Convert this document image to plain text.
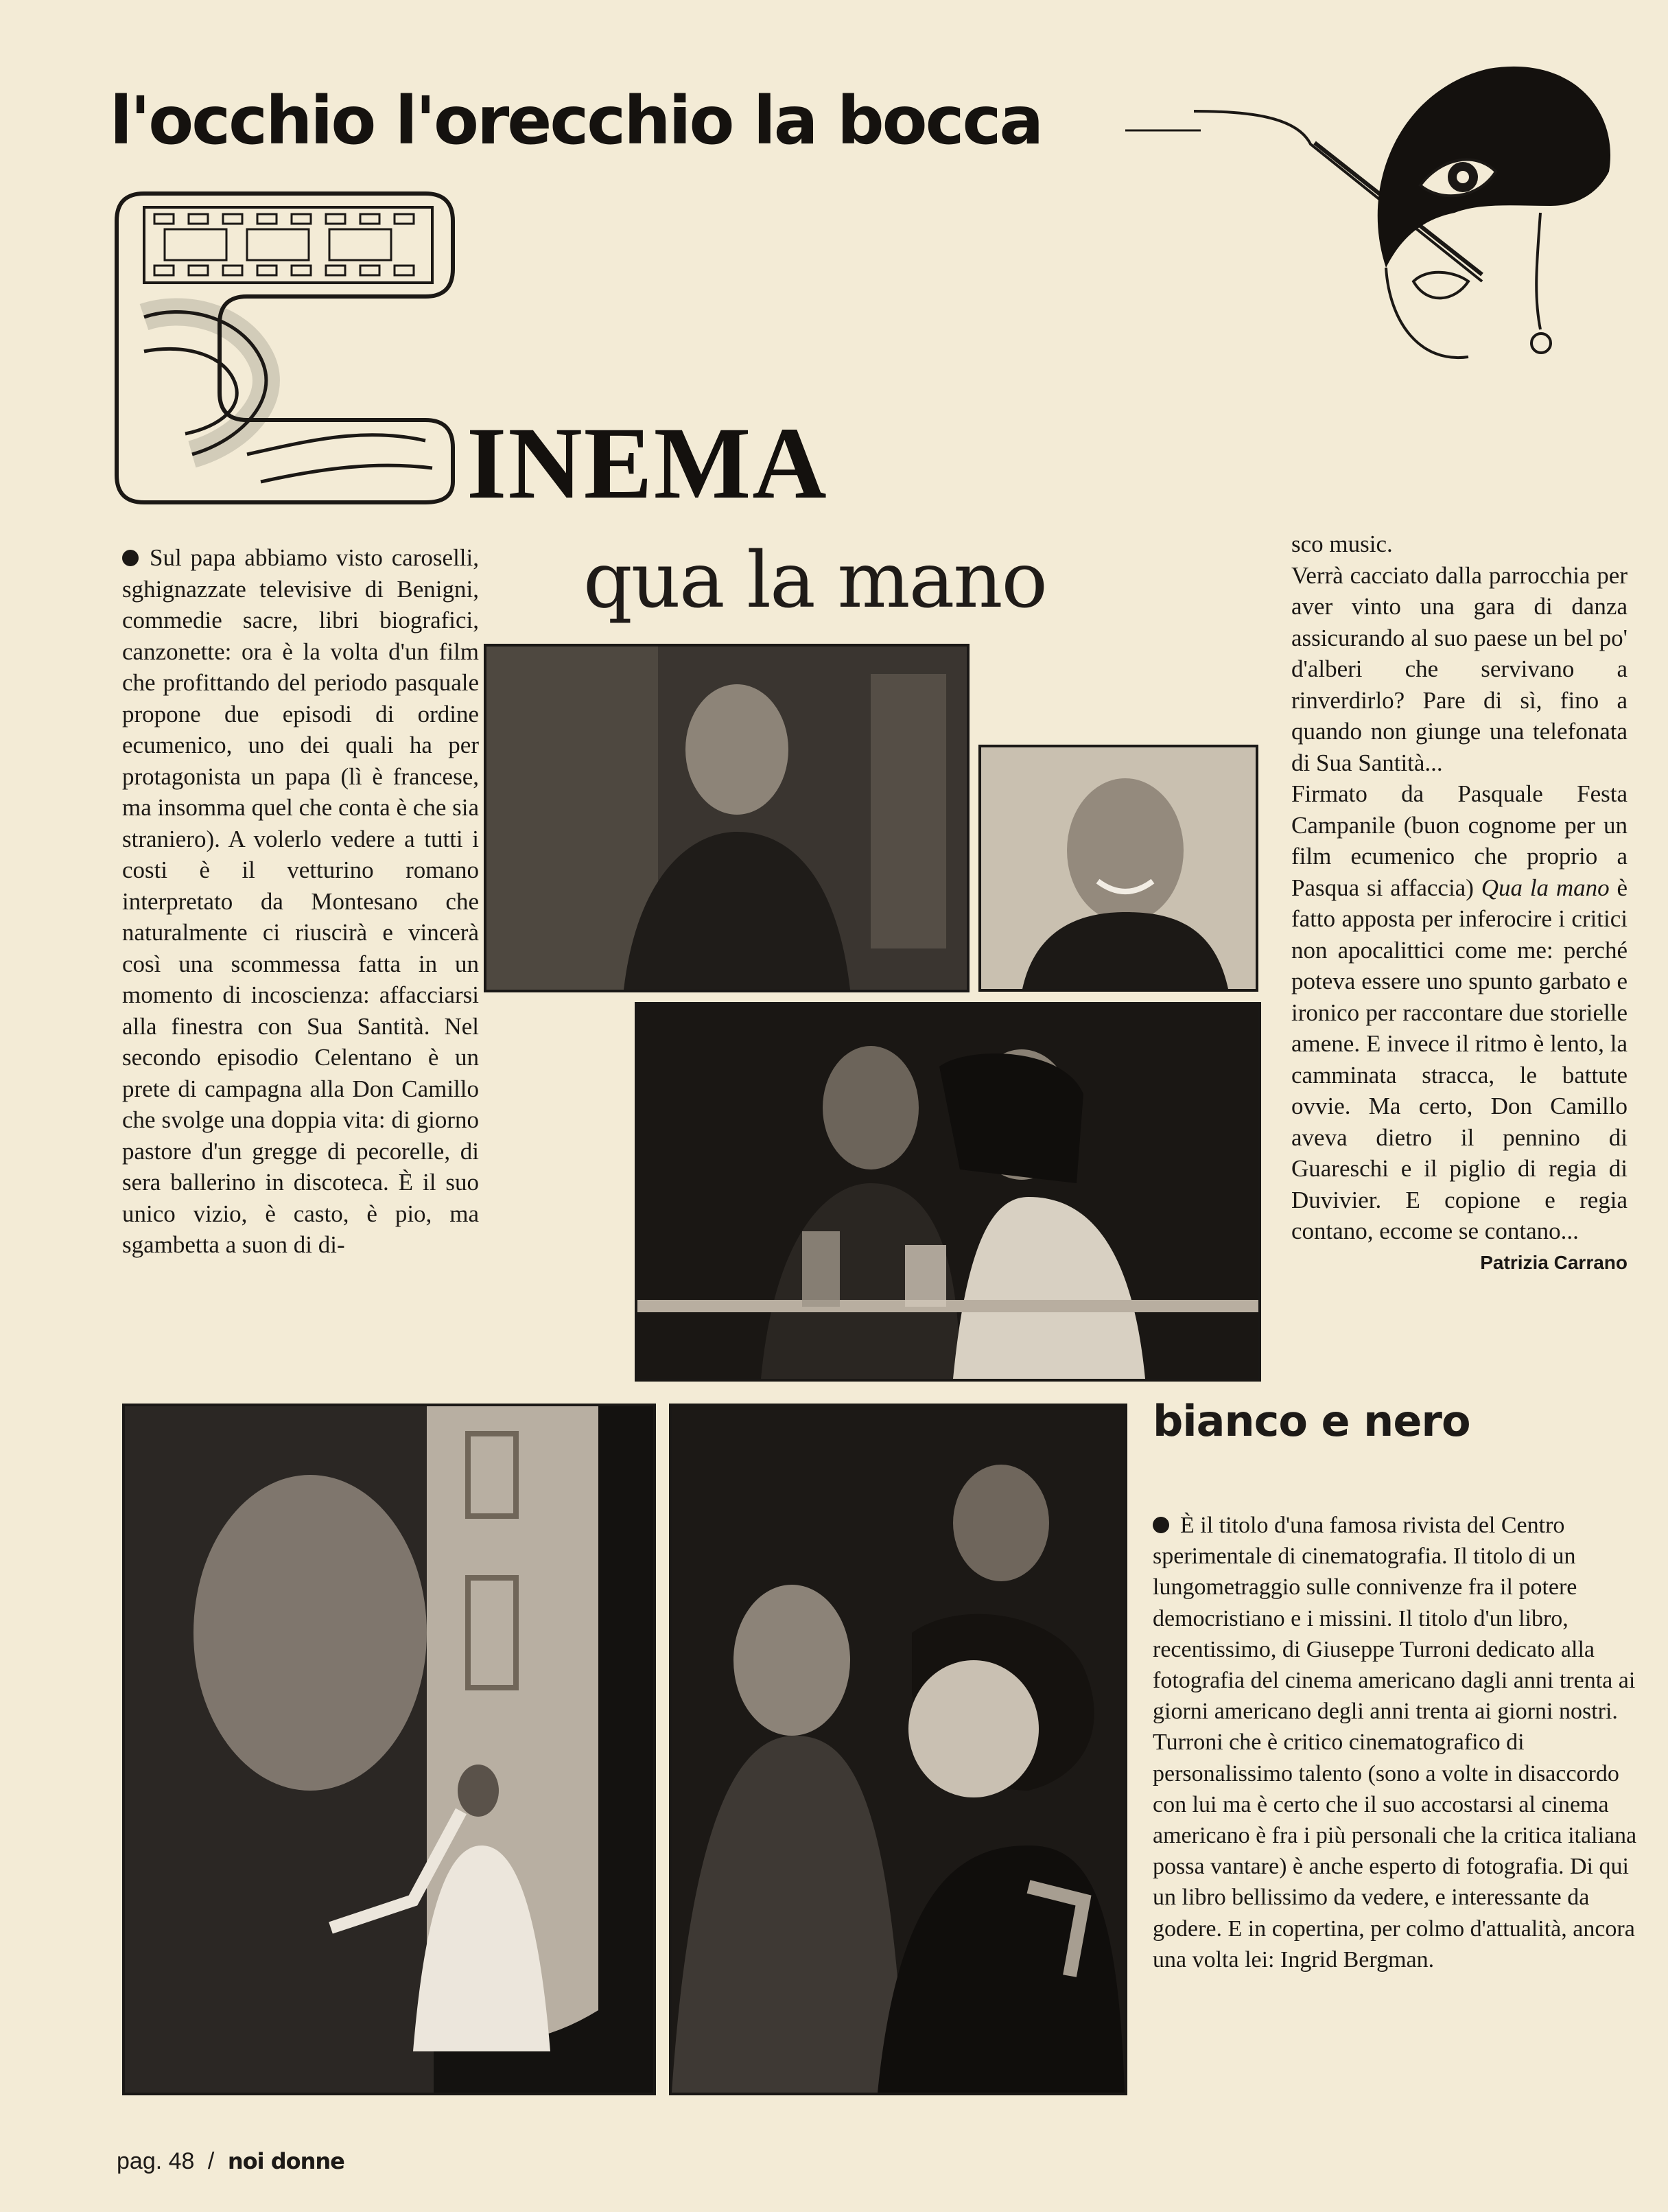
l'occhio l'orecchio la bocca
INEMA
qua la mano

Sul papa abbiamo visto caroselli, sghignazzate televisive di Benigni, commedie sacre, libri biografici, canzonette: ora è la volta d'un film che profittando del periodo pasquale propone due episodi di ordine ecumenico, uno dei quali ha per protagonista un papa (lì è francese, ma insomma quel che conta è che sia straniero). A volerlo vedere a tutti i costi è il vetturino romano interpretato da Montesano che naturalmente ci riuscirà e vincerà così una scommessa fatta in un momento di incoscienza: affacciarsi alla finestra con Sua Santità. Nel secondo episodio Celentano è un prete di campagna alla Don Camillo che svolge una doppia vita: di giorno pastore d'un gregge di pecorelle, di sera ballerino in discoteca. È il suo unico vizio, è casto, è pio, ma sgambetta a suon di di-

sco music.

Verrà cacciato dalla parrocchia per aver vinto una gara di danza assicurando al suo paese un bel po' d'alberi che servivano a rinverdirlo? Pare di sì, fino a quando non giunge una telefonata di Sua Santità...

Firmato da Pasquale Festa Campanile (buon cognome per un film ecumenico che proprio a Pasqua si affaccia) Qua la mano è fatto apposta per inferocire i critici non apocalittici come me: perché poteva essere uno spunto garbato e ironico per raccontare due storielle amene. E invece il ritmo è lento, la camminata stracca, le battute ovvie. Ma certo, Don Camillo aveva dietro il pennino di Guareschi e il piglio di regia di Duvivier. E copione e regia contano, eccome se contano...

Patrizia Carrano

bianco e nero

È il titolo d'una famosa rivista del Centro sperimentale di cinematografia. Il titolo di un lungometraggio sulle connivenze fra il potere democristiano e i missini. Il titolo d'un libro, recentissimo, di Giuseppe Turroni dedicato alla fotografia del cinema americano dagli anni trenta ai giorni americano degli anni trenta ai giorni nostri. Turroni che è critico cinematografico di personalissimo talento (sono a volte in disaccordo con lui ma è certo che il suo accostarsi al cinema americano è fra i più personali che la critica italiana possa vantare) è anche esperto di fotografia. Di qui un libro bellissimo da vedere, e interessante da godere. E in copertina, per colmo d'attualità, ancora una volta lei: Ingrid Bergman.

pag. 48 / noi donne
